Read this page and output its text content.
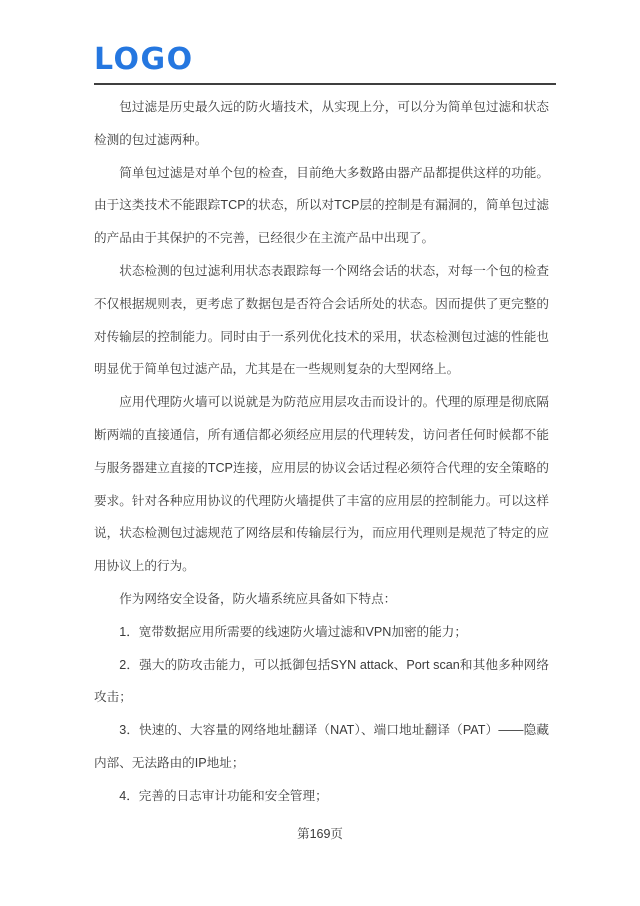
LOGO

包过滤是历史最久远的防火墙技术，从实现上分，可以分为简单包过滤和状态检测的包过滤两种。

简单包过滤是对单个包的检查，目前绝大多数路由器产品都提供这样的功能。由于这类技术不能跟踪TCP的状态，所以对TCP层的控制是有漏洞的，简单包过滤的产品由于其保护的不完善，已经很少在主流产品中出现了。

状态检测的包过滤利用状态表跟踪每一个网络会话的状态，对每一个包的检查不仅根据规则表，更考虑了数据包是否符合会话所处的状态。因而提供了更完整的对传输层的控制能力。同时由于一系列优化技术的采用，状态检测包过滤的性能也明显优于简单包过滤产品，尤其是在一些规则复杂的大型网络上。

应用代理防火墙可以说就是为防范应用层攻击而设计的。代理的原理是彻底隔断两端的直接通信，所有通信都必须经应用层的代理转发，访问者任何时候都不能与服务器建立直接的TCP连接，应用层的协议会话过程必须符合代理的安全策略的要求。针对各种应用协议的代理防火墙提供了丰富的应用层的控制能力。可以这样说，状态检测包过滤规范了网络层和传输层行为，而应用代理则是规范了特定的应用协议上的行为。

作为网络安全设备，防火墙系统应具备如下特点：

1．宽带数据应用所需要的线速防火墙过滤和VPN加密的能力；

2．强大的防攻击能力，可以抵御包括SYN attack、Port scan和其他多种网络攻击；

3．快速的、大容量的网络地址翻译（NAT）、端口地址翻译（PAT）——隐藏内部、无法路由的IP地址；

4．完善的日志审计功能和安全管理；

第169页
